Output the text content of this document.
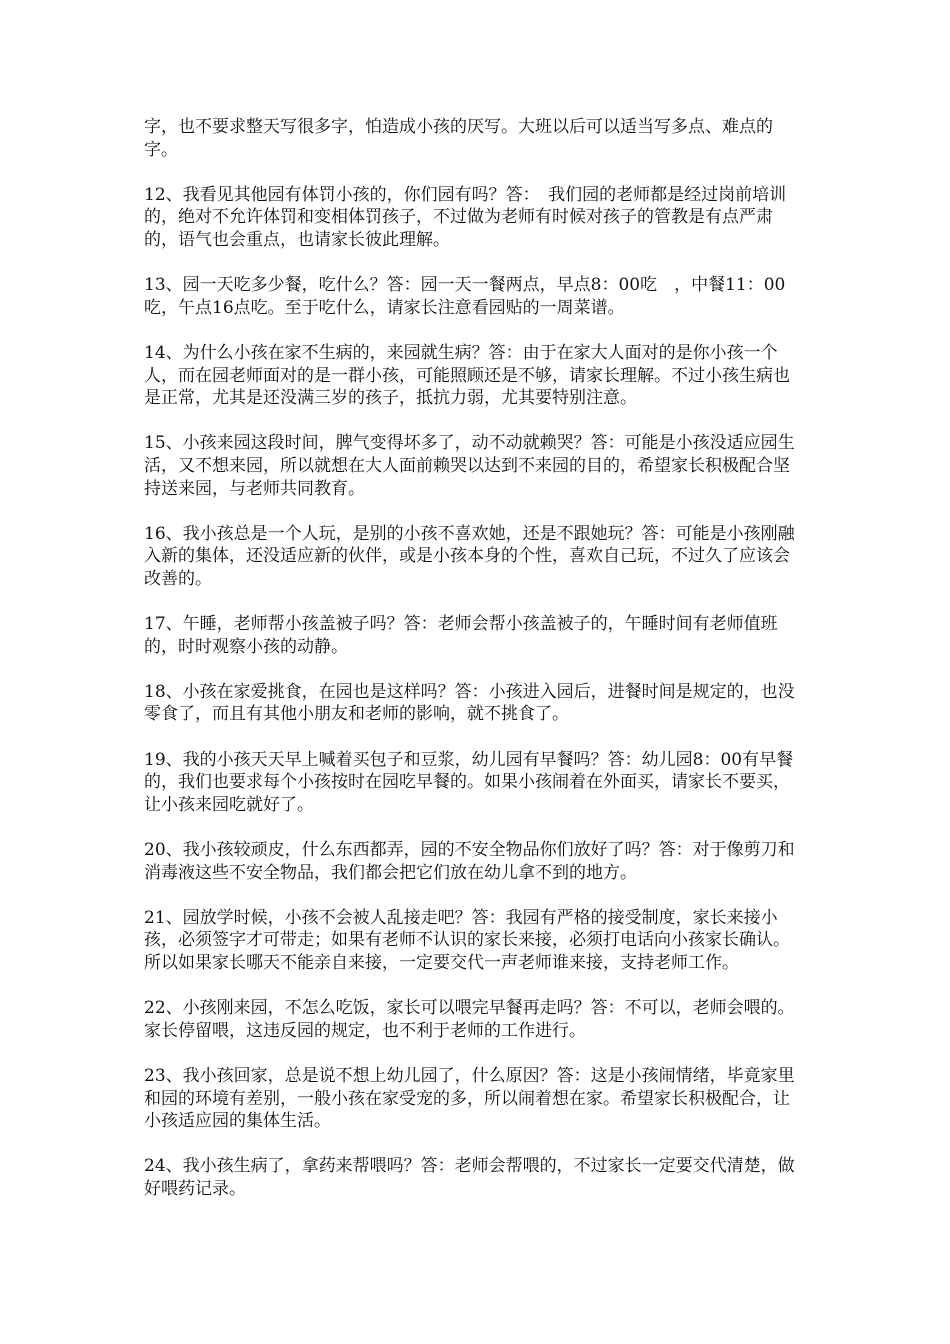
字，也不要求整天写很多字，怕造成小孩的厌写。大班以后可以适当写多点、难点的字。

12、我看见其他园有体罚小孩的，你们园有吗？答：　我们园的老师都是经过岗前培训的，绝对不允许体罚和变相体罚孩子，不过做为老师有时候对孩子的管教是有点严肃的，语气也会重点，也请家长彼此理解。

13、园一天吃多少餐，吃什么？答：园一天一餐两点，早点8：00吃　，中餐11：00吃，午点16点吃。至于吃什么，请家长注意看园贴的一周菜谱。

14、为什么小孩在家不生病的，来园就生病？答：由于在家大人面对的是你小孩一个人，而在园老师面对的是一群小孩，可能照顾还是不够，请家长理解。不过小孩生病也是正常，尤其是还没满三岁的孩子，抵抗力弱，尤其要特别注意。

15、小孩来园这段时间，脾气变得坏多了，动不动就赖哭？答：可能是小孩没适应园生活，又不想来园，所以就想在大人面前赖哭以达到不来园的目的，希望家长积极配合坚持送来园，与老师共同教育。

16、我小孩总是一个人玩，是别的小孩不喜欢她，还是不跟她玩？答：可能是小孩刚融入新的集体，还没适应新的伙伴，或是小孩本身的个性，喜欢自己玩，不过久了应该会改善的。

17、午睡，老师帮小孩盖被子吗？答：老师会帮小孩盖被子的，午睡时间有老师值班的，时时观察小孩的动静。

18、小孩在家爱挑食，在园也是这样吗？答：小孩进入园后，进餐时间是规定的，也没零食了，而且有其他小朋友和老师的影响，就不挑食了。

19、我的小孩天天早上喊着买包子和豆浆，幼儿园有早餐吗？答：幼儿园8：00有早餐的，我们也要求每个小孩按时在园吃早餐的。如果小孩闹着在外面买，请家长不要买，让小孩来园吃就好了。

20、我小孩较顽皮，什么东西都弄，园的不安全物品你们放好了吗？答：对于像剪刀和消毒液这些不安全物品，我们都会把它们放在幼儿拿不到的地方。

21、园放学时候，小孩不会被人乱接走吧？答：我园有严格的接受制度，家长来接小孩，必须签字才可带走；如果有老师不认识的家长来接，必须打电话向小孩家长确认。所以如果家长哪天不能亲自来接，一定要交代一声老师谁来接，支持老师工作。

22、小孩刚来园，不怎么吃饭，家长可以喂完早餐再走吗？答：不可以，老师会喂的。家长停留喂，这违反园的规定，也不利于老师的工作进行。

23、我小孩回家，总是说不想上幼儿园了，什么原因？答：这是小孩闹情绪，毕竟家里和园的环境有差别，一般小孩在家受宠的多，所以闹着想在家。希望家长积极配合，让小孩适应园的集体生活。

24、我小孩生病了，拿药来帮喂吗？答：老师会帮喂的，不过家长一定要交代清楚，做好喂药记录。
